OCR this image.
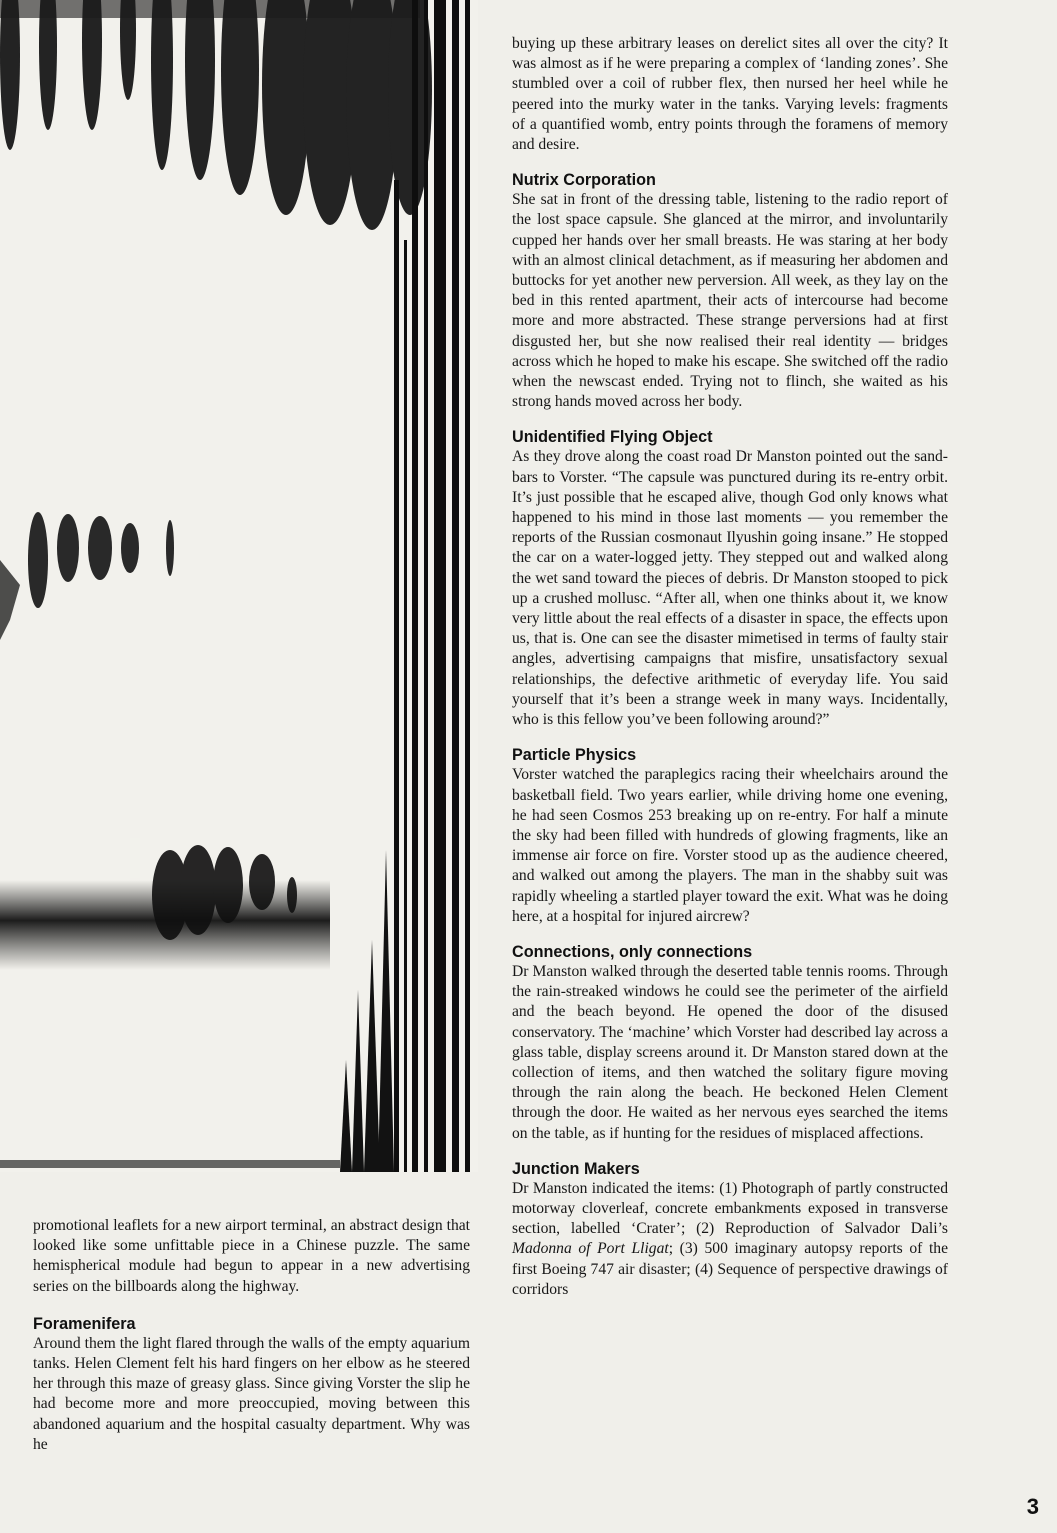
promotional leaflets for a new airport terminal, an abstract design that looked like some unfittable piece in a Chinese puzzle. The same hemispherical module had begun to appear in a new advertising series on the billboards along the highway.

Foramenifera

Around them the light flared through the walls of the empty aquarium tanks. Helen Clement felt his hard fingers on her elbow as he steered her through this maze of greasy glass. Since giving Vorster the slip he had become more and more preoccupied, moving between this abandoned aquarium and the hospital casualty department. Why was he

buying up these arbitrary leases on derelict sites all over the city? It was almost as if he were preparing a complex of ‘landing zones’. She stumbled over a coil of rubber flex, then nursed her heel while he peered into the murky water in the tanks. Varying levels: fragments of a quantified womb, entry points through the foramens of memory and desire.

Nutrix Corporation

She sat in front of the dressing table, listening to the radio report of the lost space capsule. She glanced at the mirror, and involuntarily cupped her hands over her small breasts. He was staring at her body with an almost clinical detachment, as if measuring her abdomen and buttocks for yet another new perversion. All week, as they lay on the bed in this rented apartment, their acts of intercourse had become more and more abstracted. These strange perversions had at first disgusted her, but she now realised their real identity — bridges across which he hoped to make his escape. She switched off the radio when the newscast ended. Trying not to flinch, she waited as his strong hands moved across her body.

Unidentified Flying Object

As they drove along the coast road Dr Manston pointed out the sand-bars to Vorster. “The capsule was punctured during its re-entry orbit. It’s just possible that he escaped alive, though God only knows what happened to his mind in those last moments — you remember the reports of the Russian cosmonaut Ilyushin going insane.” He stopped the car on a water-logged jetty. They stepped out and walked along the wet sand toward the pieces of debris. Dr Manston stooped to pick up a crushed mollusc. “After all, when one thinks about it, we know very little about the real effects of a disaster in space, the effects upon us, that is. One can see the disaster mimetised in terms of faulty stair angles, advertising campaigns that misfire, unsatisfactory sexual relationships, the defective arithmetic of everyday life. You said yourself that it’s been a strange week in many ways. Incidentally, who is this fellow you’ve been following around?”

Particle Physics

Vorster watched the paraplegics racing their wheelchairs around the basketball field. Two years earlier, while driving home one evening, he had seen Cosmos 253 breaking up on re-entry. For half a minute the sky had been filled with hundreds of glowing fragments, like an immense air force on fire. Vorster stood up as the audience cheered, and walked out among the players. The man in the shabby suit was rapidly wheeling a startled player toward the exit. What was he doing here, at a hospital for injured aircrew?

Connections, only connections

Dr Manston walked through the deserted table tennis rooms. Through the rain-streaked windows he could see the perimeter of the airfield and the beach beyond. He opened the door of the disused conservatory. The ‘machine’ which Vorster had described lay across a glass table, display screens around it. Dr Manston stared down at the collection of items, and then watched the solitary figure moving through the rain along the beach. He beckoned Helen Clement through the door. He waited as her nervous eyes searched the items on the table, as if hunting for the residues of misplaced affections.

Junction Makers

Dr Manston indicated the items: (1) Photograph of partly constructed motorway cloverleaf, concrete embankments exposed in transverse section, labelled ‘Crater’; (2) Reproduction of Salvador Dali’s Madonna of Port Lligat; (3) 500 imaginary autopsy reports of the first Boeing 747 air disaster; (4) Sequence of perspective drawings of corridors

3
